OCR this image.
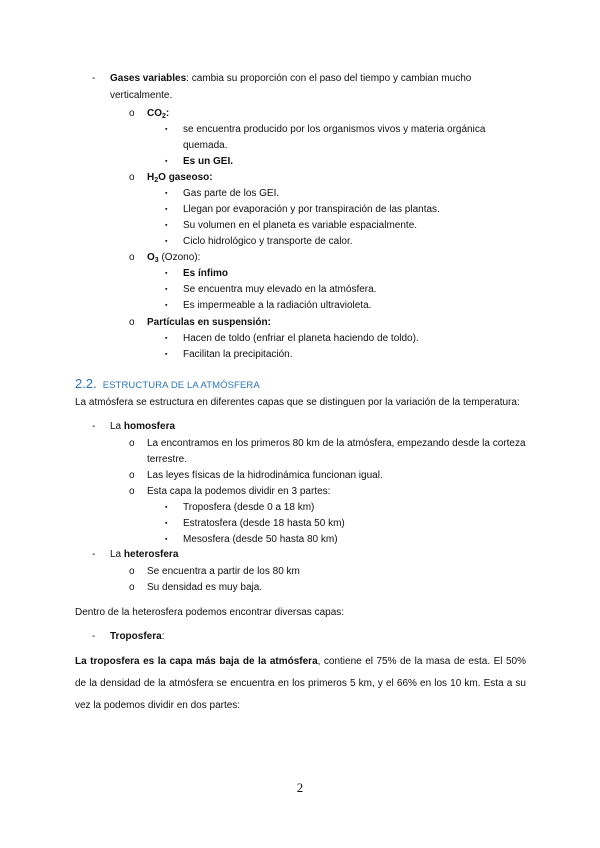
- Gases variables: cambia su proporción con el paso del tiempo y cambian mucho
verticalmente.
o $CO_2$:
▪ se encuentra producido por los organismos vivos y materia orgánica
quemada.
▪ Es un GEI.
o $H_2O$ gaseoso:
▪ Gas parte de los GEI.
▪ Llegan por evaporación y por transpiración de las plantas.
▪ Su volumen en el planeta es variable espacialmente.
▪ Ciclo hidrológico y transporte de calor.
o $O_3$ (Ozono):
▪ Es ínfimo
▪ Se encuentra muy elevado en la atmósfera.
▪ Es impermeable a la radiación ultravioleta.
o Partículas en suspensión:
▪ Hacen de toldo (enfriar el planeta haciendo de toldo).
▪ Facilitan la precipitación.
2.2. ESTRUCTURA DE LA ATMÓSFERA
La atmósfera se estructura en diferentes capas que se distinguen por la variación de la temperatura:
- La homosfera
o La encontramos en los primeros 80 km de la atmósfera, empezando desde la corteza
terrestre.
o Las leyes físicas de la hidrodinámica funcionan igual.
o Esta capa la podemos dividir en 3 partes:
▪ Troposfera (desde 0 a 18 km)
▪ Estratosfera (desde 18 hasta 50 km)
▪ Mesosfera (desde 50 hasta 80 km)
- La heterosfera
o Se encuentra a partir de los 80 km
o Su densidad es muy baja.
Dentro de la heterosfera podemos encontrar diversas capas:
- Troposfera:
La troposfera es la capa más baja de la atmósfera, contiene el 75% de la masa de esta. El 50% de la densidad de la atmósfera se encuentra en los primeros 5 km, y el 66% en los 10 km. Esta a su vez la podemos dividir en dos partes:
2
